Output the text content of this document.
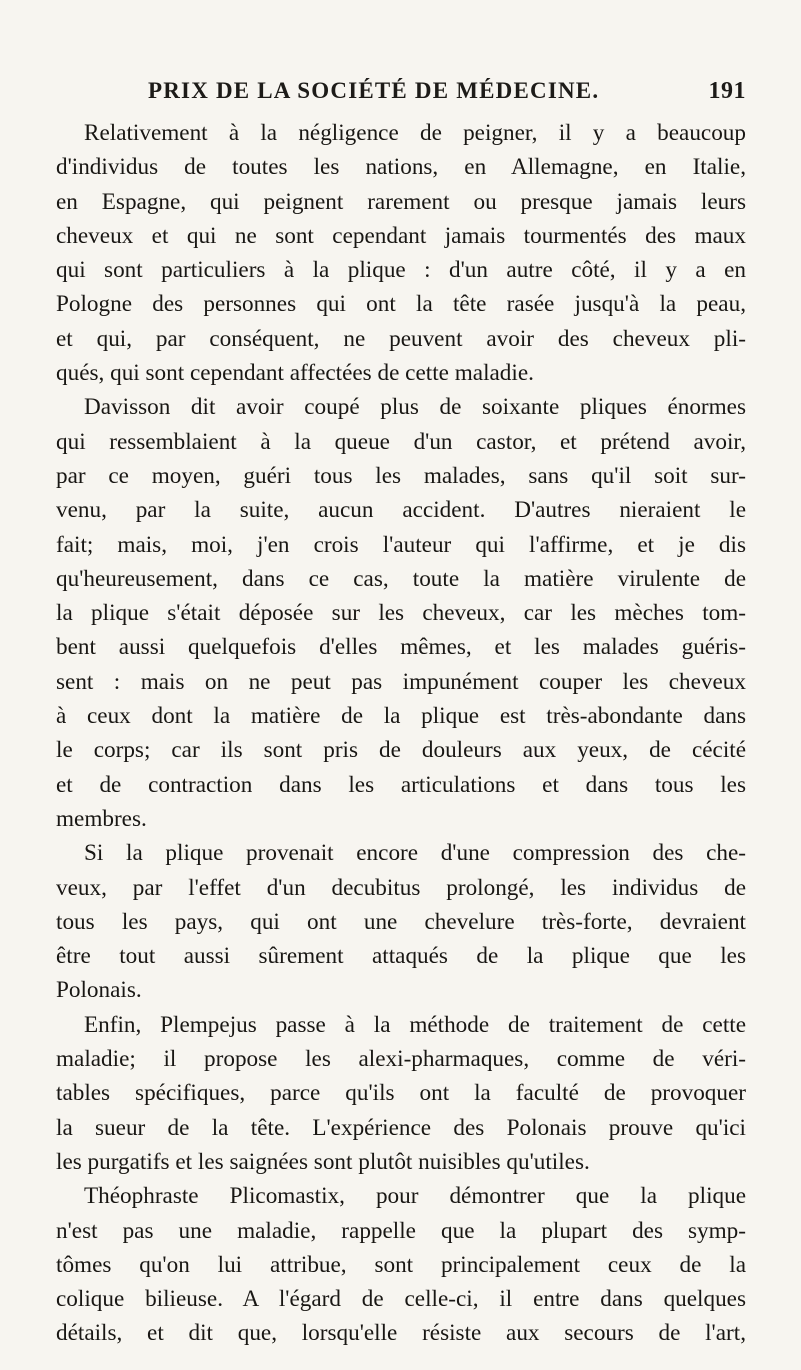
PRIX DE LA SOCIÉTÉ DE MÉDECINE.	191
Relativement à la négligence de peigner, il y a beaucoup
d'individus de toutes les nations, en Allemagne, en Italie,
en Espagne, qui peignent rarement ou presque jamais leurs
cheveux et qui ne sont cependant jamais tourmentés des maux
qui sont particuliers à la plique : d'un autre côté, il y a en
Pologne des personnes qui ont la tête rasée jusqu'à la peau,
et qui, par conséquent, ne peuvent avoir des cheveux pli-
qués, qui sont cependant affectées de cette maladie.
Davisson dit avoir coupé plus de soixante pliques énormes
qui ressemblaient à la queue d'un castor, et prétend avoir,
par ce moyen, guéri tous les malades, sans qu'il soit sur-
venu, par la suite, aucun accident. D'autres nieraient le
fait; mais, moi, j'en crois l'auteur qui l'affirme, et je dis
qu'heureusement, dans ce cas, toute la matière virulente de
la plique s'était déposée sur les cheveux, car les mèches tom-
bent aussi quelquefois d'elles mêmes, et les malades guéris-
sent : mais on ne peut pas impunément couper les cheveux
à ceux dont la matière de la plique est très-abondante dans
le corps; car ils sont pris de douleurs aux yeux, de cécité
et de contraction dans les articulations et dans tous les
membres.
Si la plique provenait encore d'une compression des che-
veux, par l'effet d'un decubitus prolongé, les individus de
tous les pays, qui ont une chevelure très-forte, devraient
être tout aussi sûrement attaqués de la plique que les
Polonais.
Enfin, Plempejus passe à la méthode de traitement de cette
maladie; il propose les alexi-pharmaques, comme de véri-
tables spécifiques, parce qu'ils ont la faculté de provoquer
la sueur de la tête. L'expérience des Polonais prouve qu'ici
les purgatifs et les saignées sont plutôt nuisibles qu'utiles.
Théophraste Plicomastix, pour démontrer que la plique
n'est pas une maladie, rappelle que la plupart des symp-
tômes qu'on lui attribue, sont principalement ceux de la
colique bilieuse. A l'égard de celle-ci, il entre dans quelques
détails, et dit que, lorsqu'elle résiste aux secours de l'art,
